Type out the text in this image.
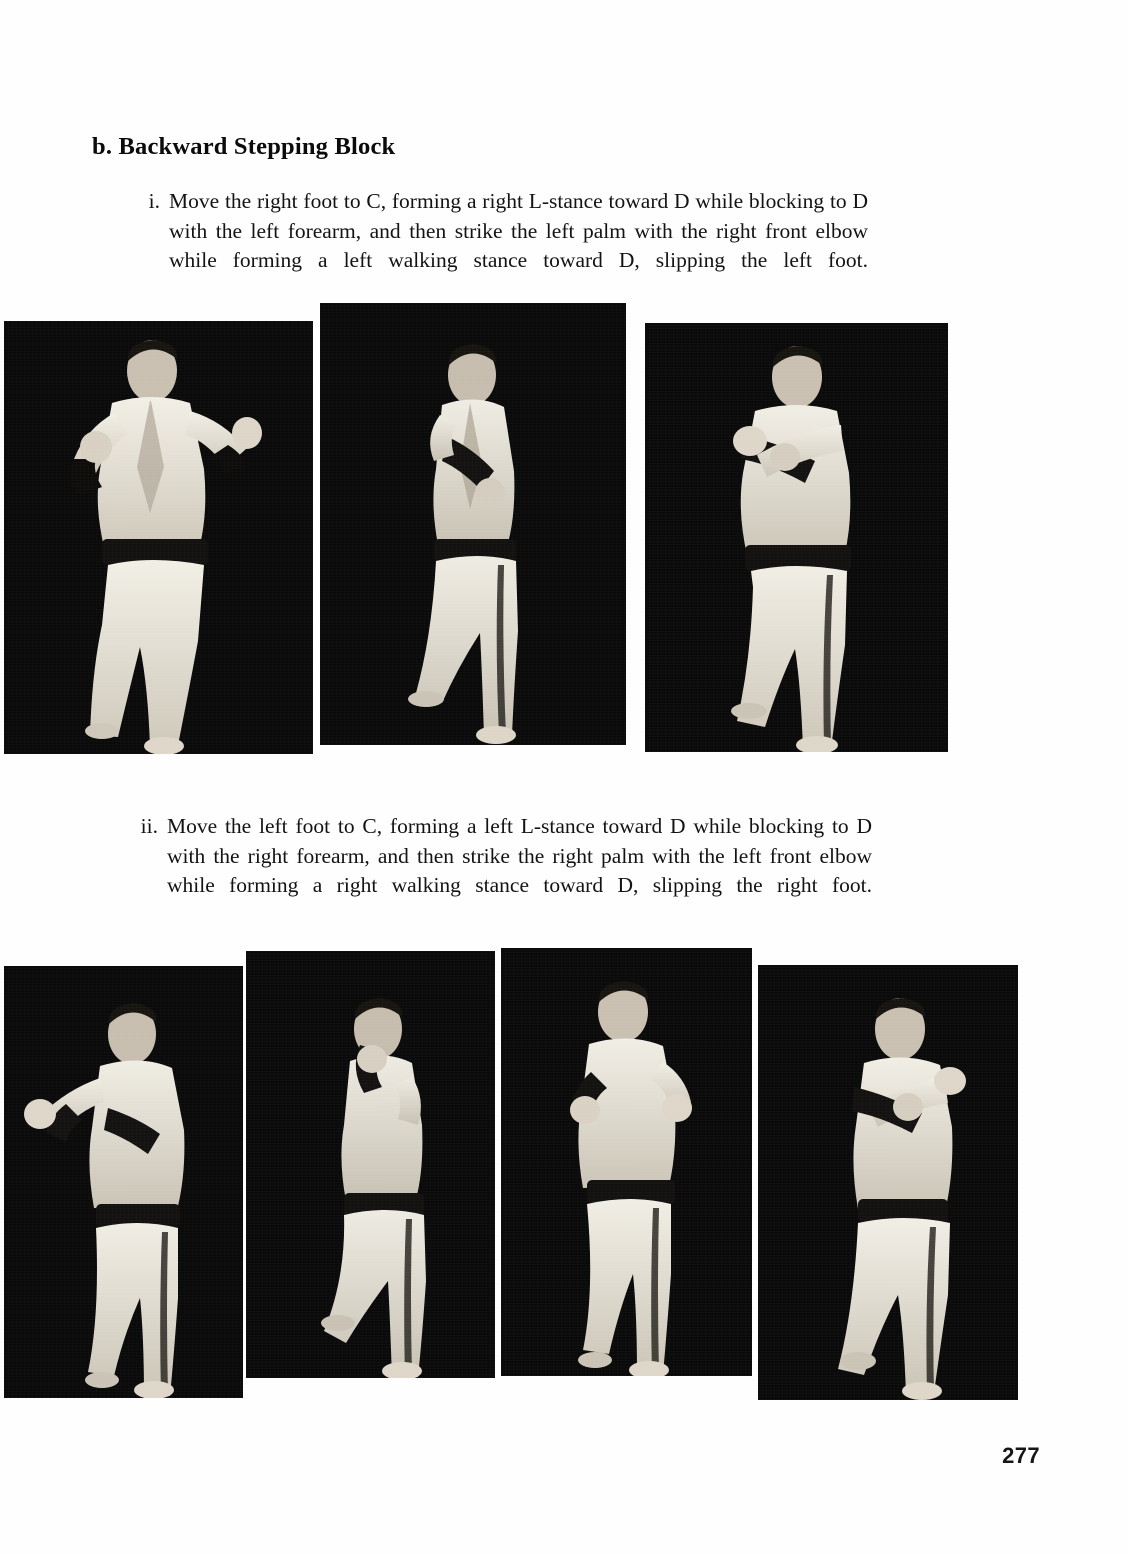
b. Backward Stepping Block
i. Move the right foot to C, forming a right L-stance toward D while blocking to D with the left forearm, and then strike the left palm with the right front elbow while forming a left walking stance toward D, slipping the left foot.
ii. Move the left foot to C, forming a left L-stance toward D while blocking to D with the right forearm, and then strike the right palm with the left front elbow while forming a right walking stance toward D, slipping the right foot.
277
